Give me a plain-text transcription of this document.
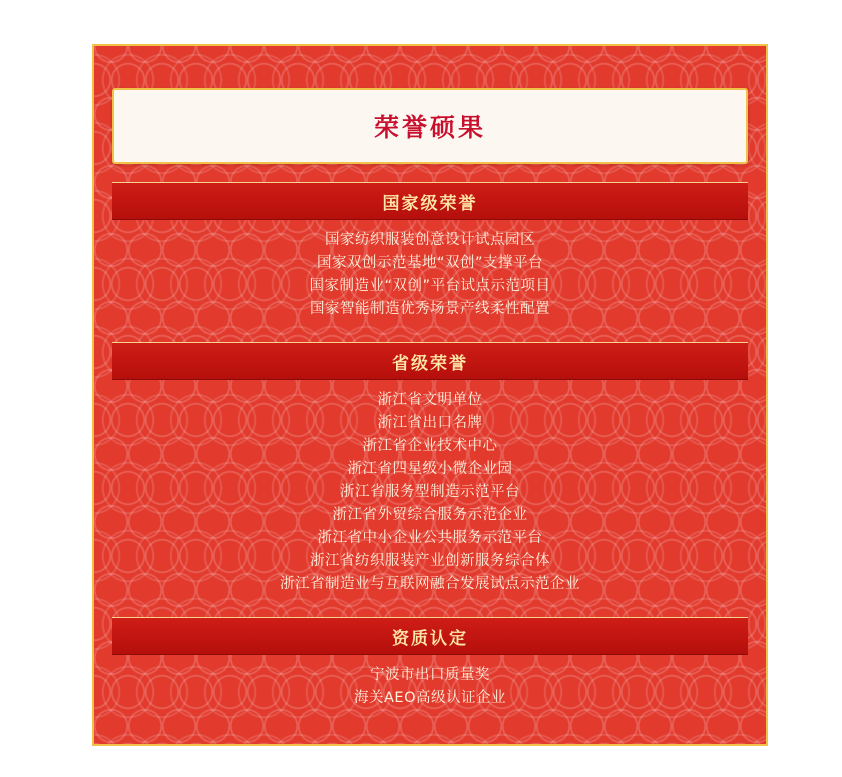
荣誉硕果
国家级荣誉
国家纺织服装创意设计试点园区
国家双创示范基地“双创”支撑平台
国家制造业“双创”平台试点示范项目
国家智能制造优秀场景产线柔性配置
省级荣誉
浙江省文明单位
浙江省出口名牌
浙江省企业技术中心
浙江省四星级小微企业园
浙江省服务型制造示范平台
浙江省外贸综合服务示范企业
浙江省中小企业公共服务示范平台
浙江省纺织服装产业创新服务综合体
浙江省制造业与互联网融合发展试点示范企业
资质认定
宁波市出口质量奖
海关AEO高级认证企业
